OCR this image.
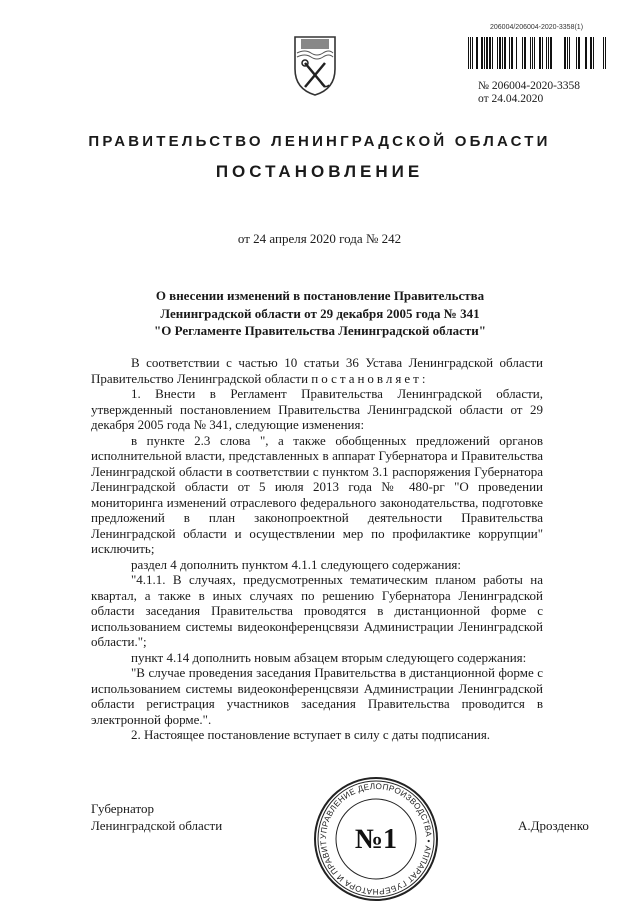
206004/206004-2020-3358(1)
№ 206004-2020-3358
от 24.04.2020
ПРАВИТЕЛЬСТВО ЛЕНИНГРАДСКОЙ ОБЛАСТИ
ПОСТАНОВЛЕНИЕ
от 24 апреля 2020 года № 242
О внесении изменений в постановление Правительства
Ленинградской области от 29 декабря 2005 года № 341
"О Регламенте Правительства Ленинградской области"

В соответствии с частью 10 статьи 36 Устава Ленинградской области Правительство Ленинградской области постановляет:

1. Внести в Регламент Правительства Ленинградской области, утвержденный постановлением Правительства Ленинградской области от 29 декабря 2005 года № 341, следующие изменения:

в пункте 2.3 слова ", а также обобщенных предложений органов исполнительной власти, представленных в аппарат Губернатора и Правительства Ленинградской области в соответствии с пунктом 3.1 распоряжения Губернатора Ленинградской области от 5 июля 2013 года № 480-рг "О проведении мониторинга изменений отраслевого федерального законодательства, подготовке предложений в план законопроектной деятельности Правительства Ленинградской области и осуществлении мер по профилактике коррупции" исключить;

раздел 4 дополнить пунктом 4.1.1 следующего содержания:

"4.1.1. В случаях, предусмотренных тематическим планом работы на квартал, а также в иных случаях по решению Губернатора Ленинградской области заседания Правительства проводятся в дистанционной форме с использованием системы видеоконференцсвязи Администрации Ленинградской области.";

пункт 4.14 дополнить новым абзацем вторым следующего содержания:

"В случае проведения заседания Правительства в дистанционной форме с использованием системы видеоконференцсвязи Администрации Ленинградской области регистрация участников заседания Правительства проводится в электронной форме.".

2. Настоящее постановление вступает в силу с даты подписания.

Губернатор
Ленинградской области	А.Дрозденко
УПРАВЛЕНИЕ ДЕЛОПРОИЗВОДСТВА • АППАРАТ ГУБЕРНАТОРА И ПРАВИТ №1
